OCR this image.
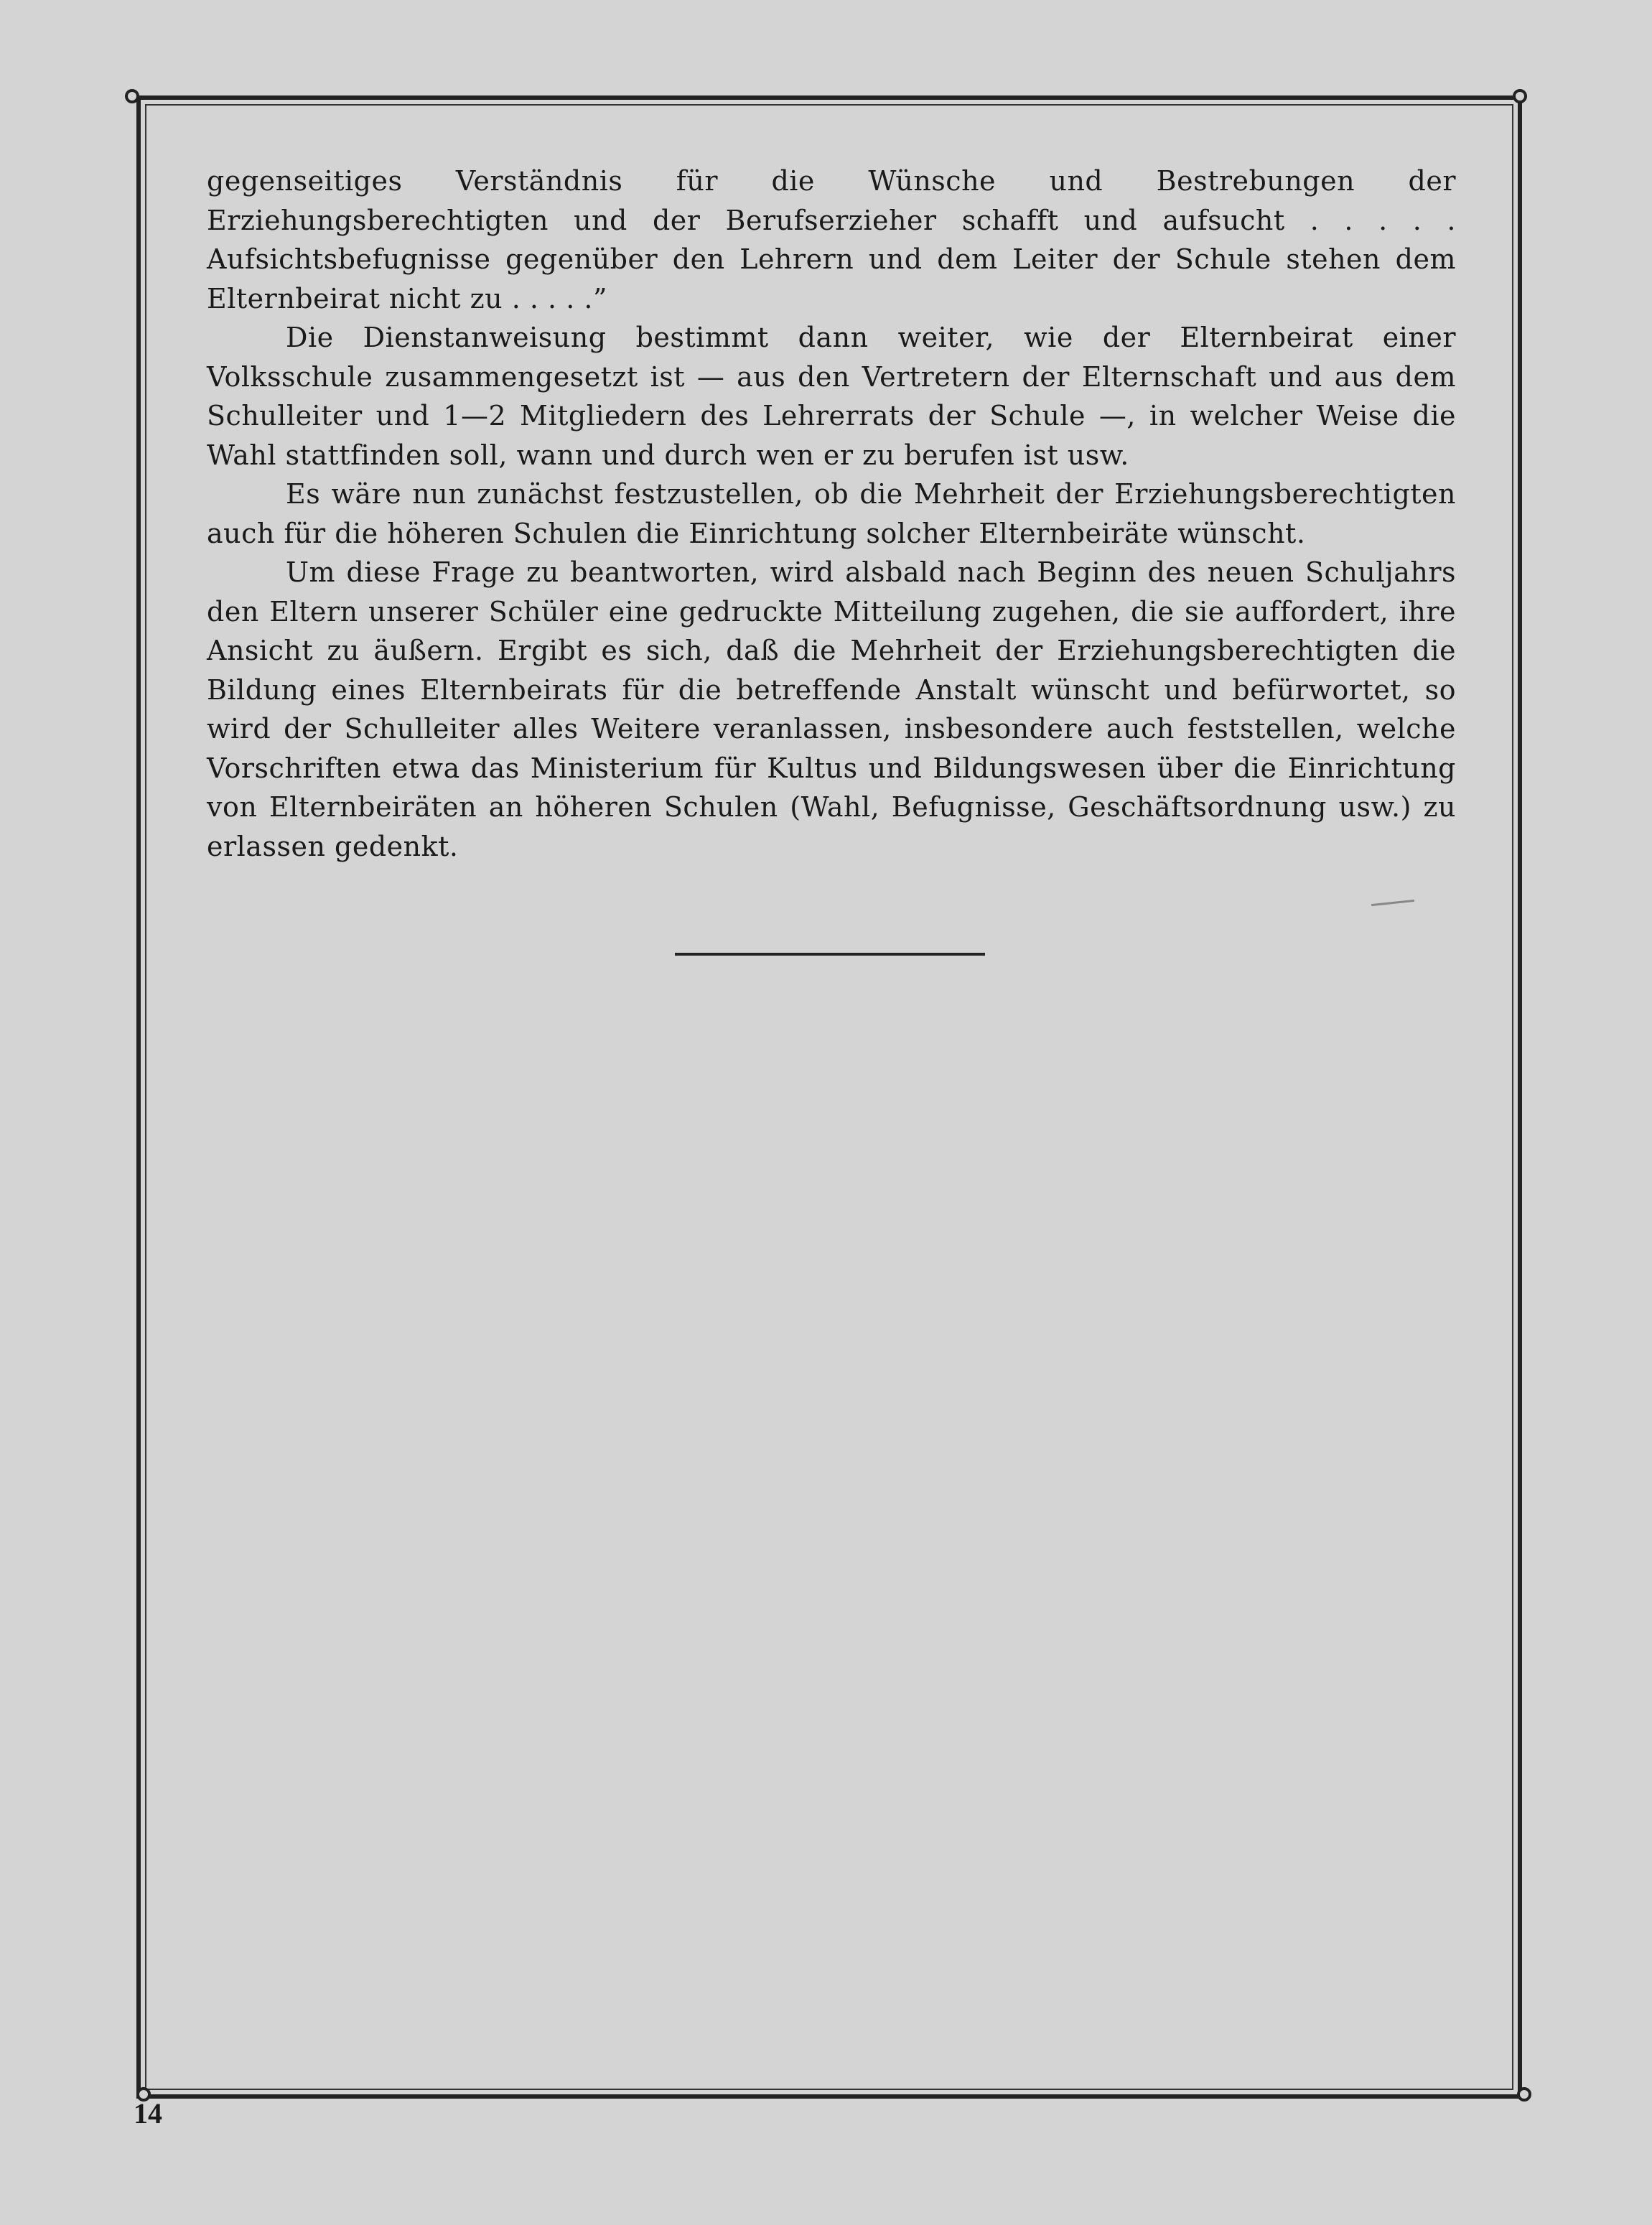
gegenseitiges Verständnis für die Wünsche und Bestrebungen der Erziehungsberechtigten und der Berufserzieher schafft und aufsucht . . . . . Aufsichtsbefugnisse gegenüber den Lehrern und dem Leiter der Schule stehen dem Elternbeirat nicht zu . . . . .”

Die Dienstanweisung bestimmt dann weiter, wie der Elternbeirat einer Volksschule zusammengesetzt ist — aus den Vertretern der Elternschaft und aus dem Schulleiter und 1—2 Mitgliedern des Lehrerrats der Schule —, in welcher Weise die Wahl stattfinden soll, wann und durch wen er zu berufen ist usw.

Es wäre nun zunächst festzustellen, ob die Mehrheit der Erziehungsberechtigten auch für die höheren Schulen die Einrichtung solcher Elternbeiräte wünscht.

Um diese Frage zu beantworten, wird alsbald nach Beginn des neuen Schuljahrs den Eltern unserer Schüler eine gedruckte Mitteilung zugehen, die sie auffordert, ihre Ansicht zu äußern. Ergibt es sich, daß die Mehrheit der Erziehungsberechtigten die Bildung eines Elternbeirats für die betreffende Anstalt wünscht und befürwortet, so wird der Schulleiter alles Weitere veranlassen, insbesondere auch feststellen, welche Vorschriften etwa das Ministerium für Kultus und Bildungswesen über die Einrichtung von Elternbeiräten an höheren Schulen (Wahl, Befugnisse, Geschäftsordnung usw.) zu erlassen gedenkt.

14
